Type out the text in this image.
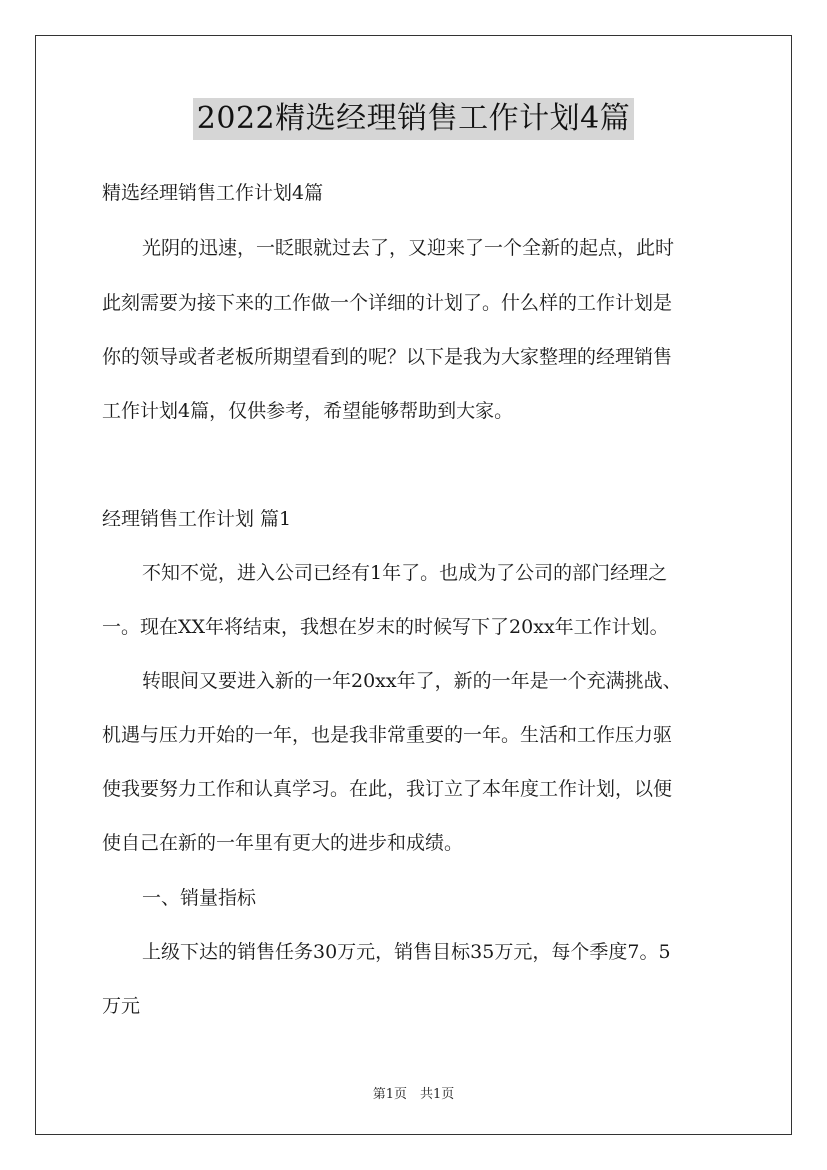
2022精选经理销售工作计划4篇
精选经理销售工作计划4篇
光阴的迅速，一眨眼就过去了，又迎来了一个全新的起点，此时
此刻需要为接下来的工作做一个详细的计划了。什么样的工作计划是
你的领导或者老板所期望看到的呢？以下是我为大家整理的经理销售
工作计划4篇，仅供参考，希望能够帮助到大家。
经理销售工作计划 篇1
不知不觉，进入公司已经有1年了。也成为了公司的部门经理之
一。现在XX年将结束，我想在岁末的时候写下了20xx年工作计划。
转眼间又要进入新的一年20xx年了，新的一年是一个充满挑战、
机遇与压力开始的一年，也是我非常重要的一年。生活和工作压力驱
使我要努力工作和认真学习。在此，我订立了本年度工作计划，以便
使自己在新的一年里有更大的进步和成绩。
一、销量指标
上级下达的销售任务30万元，销售目标35万元，每个季度7。5
万元
第1页　共1页
